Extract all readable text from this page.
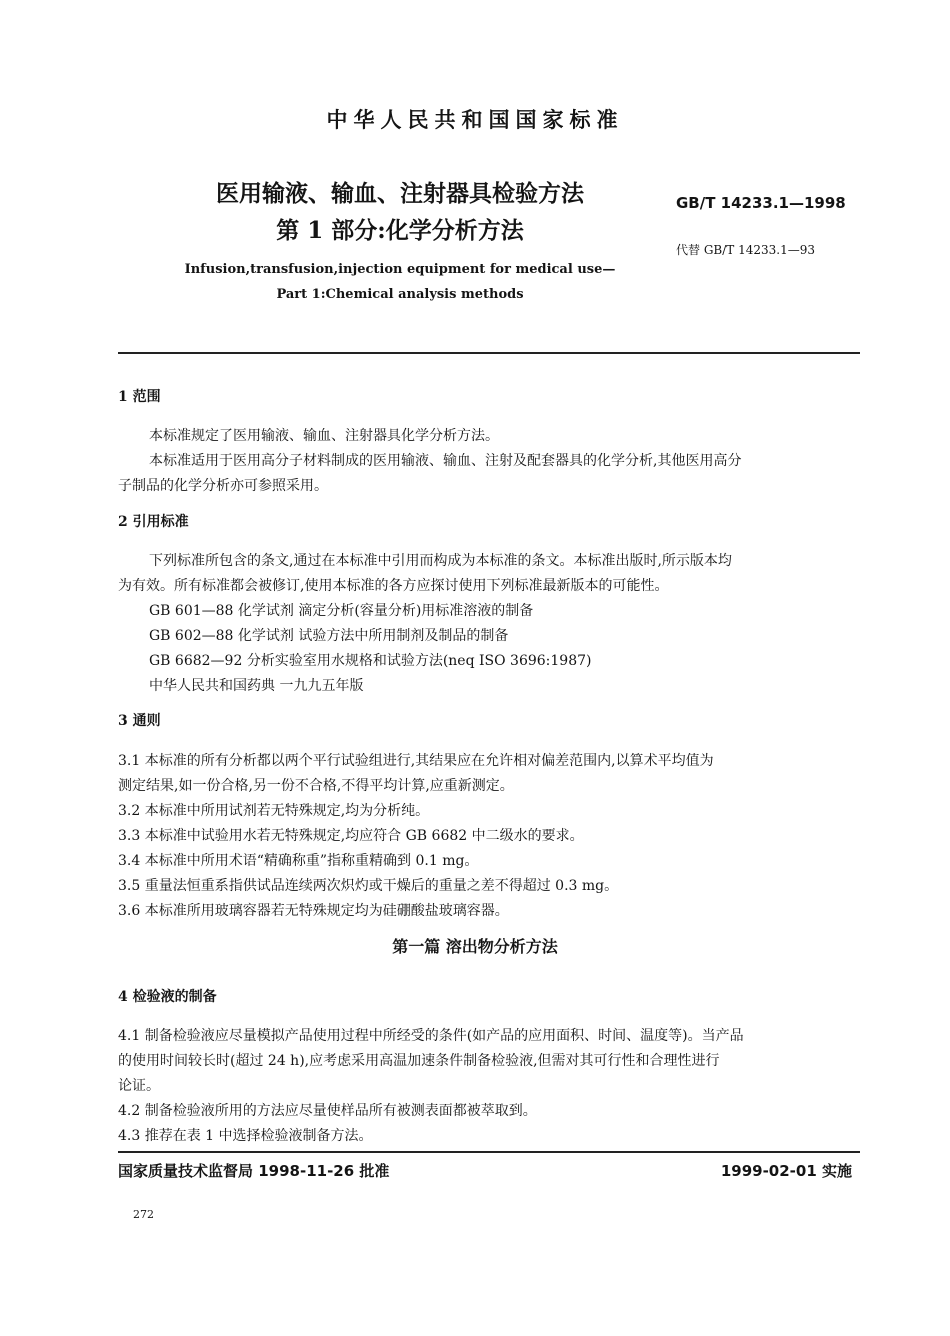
中华人民共和国国家标准
医用输液、输血、注射器具检验方法
第 1 部分:化学分析方法
GB/T 14233.1—1998
代替 GB/T 14233.1—93
Infusion,transfusion,injection equipment for medical use—
Part 1:Chemical analysis methods
1 范围
本标准规定了医用输液、输血、注射器具化学分析方法。
本标准适用于医用高分子材料制成的医用输液、输血、注射及配套器具的化学分析,其他医用高分
子制品的化学分析亦可参照采用。
2 引用标准
下列标准所包含的条文,通过在本标准中引用而构成为本标准的条文。本标准出版时,所示版本均
为有效。所有标准都会被修订,使用本标准的各方应探讨使用下列标准最新版本的可能性。
GB 601—88 化学试剂 滴定分析(容量分析)用标准溶液的制备
GB 602—88 化学试剂 试验方法中所用制剂及制品的制备
GB 6682—92 分析实验室用水规格和试验方法(neq ISO 3696:1987)
中华人民共和国药典 一九九五年版
3 通则
3.1 本标准的所有分析都以两个平行试验组进行,其结果应在允许相对偏差范围内,以算术平均值为
测定结果,如一份合格,另一份不合格,不得平均计算,应重新测定。
3.2 本标准中所用试剂若无特殊规定,均为分析纯。
3.3 本标准中试验用水若无特殊规定,均应符合 GB 6682 中二级水的要求。
3.4 本标准中所用术语“精确称重”指称重精确到 0.1 mg。
3.5 重量法恒重系指供试品连续两次炽灼或干燥后的重量之差不得超过 0.3 mg。
3.6 本标准所用玻璃容器若无特殊规定均为硅硼酸盐玻璃容器。
第一篇 溶出物分析方法
4 检验液的制备
4.1 制备检验液应尽量模拟产品使用过程中所经受的条件(如产品的应用面积、时间、温度等)。当产品
的使用时间较长时(超过 24 h),应考虑采用高温加速条件制备检验液,但需对其可行性和合理性进行
论证。
4.2 制备检验液所用的方法应尽量使样品所有被测表面都被萃取到。
4.3 推荐在表 1 中选择检验液制备方法。
国家质量技术监督局 1998-11-26 批准	1999-02-01 实施
272
